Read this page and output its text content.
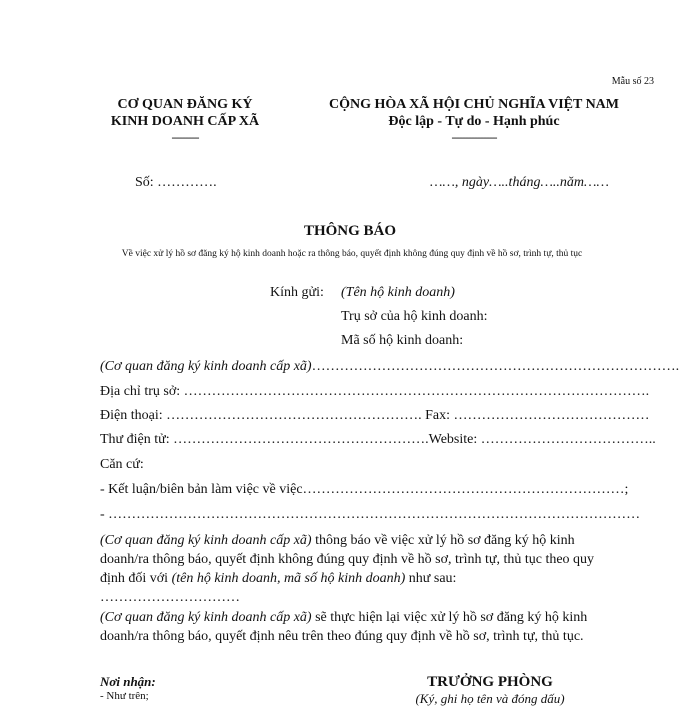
Mẫu số 23
CƠ QUAN ĐĂNG KÝ KINH DOANH CẤP XÃ
---------
CỘNG HÒA XÃ HỘI CHỦ NGHĨA VIỆT NAM
Độc lập - Tự do - Hạnh phúc
---------------
Số: ………….	……, ngày…..tháng…..năm……
THÔNG BÁO
Về việc xử lý hồ sơ đăng ký hộ kinh doanh hoặc ra thông báo, quyết định không đúng quy định về hồ sơ, trình tự, thủ tục
Kính gửi: (Tên hộ kinh doanh)
Trụ sở của hộ kinh doanh:
Mã số hộ kinh doanh:
(Cơ quan đăng ký kinh doanh cấp xã)…………………………………………………………………….
Địa chỉ trụ sở: ……………………………………………………………………………………….
Điện thoại: ………………………………………………. Fax: ……………………………………
Thư điện tử: ……………………………………………….Website: ………………………………..
Căn cứ:
- Kết luận/biên bản làm việc về việc……………………………………………………………;
- ……………………………………………………………………………………………………
(Cơ quan đăng ký kinh doanh cấp xã) thông báo về việc xử lý hồ sơ đăng ký hộ kinh doanh/ra thông báo, quyết định không đúng quy định về hồ sơ, trình tự, thủ tục theo quy định đối với (tên hộ kinh doanh, mã số hộ kinh doanh) như sau:
…………………………
(Cơ quan đăng ký kinh doanh cấp xã) sẽ thực hiện lại việc xử lý hồ sơ đăng ký hộ kinh doanh/ra thông báo, quyết định nêu trên theo đúng quy định về hồ sơ, trình tự, thủ tục.
Nơi nhận:
- Như trên;
TRƯỞNG PHÒNG
(Ký, ghi họ tên và đóng dấu)
